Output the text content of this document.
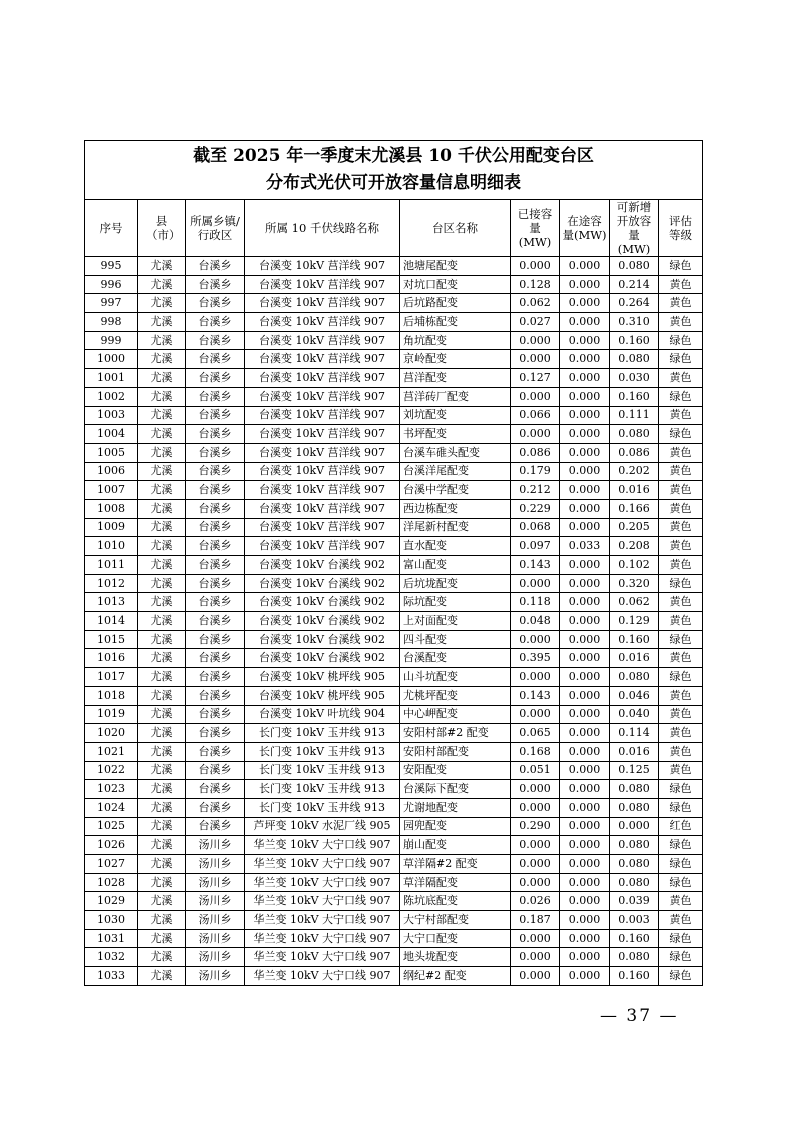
截至 2025 年一季度末尤溪县 10 千伏公用配变台区
分布式光伏可开放容量信息明细表								

序号	县（市）	所属乡镇/行政区	所属 10 千伏线路名称	台区名称	已接容量(MW)	在途容量(MW)	可新增开放容量(MW)	评估等级
995	尤溪	台溪乡	台溪变 10kV 莒洋线 907	池塘尾配变	0.000	0.000	0.080	绿色
996	尤溪	台溪乡	台溪变 10kV 莒洋线 907	对坑口配变	0.128	0.000	0.214	黄色
997	尤溪	台溪乡	台溪变 10kV 莒洋线 907	后坑路配变	0.062	0.000	0.264	黄色
998	尤溪	台溪乡	台溪变 10kV 莒洋线 907	后埔栋配变	0.027	0.000	0.310	黄色
999	尤溪	台溪乡	台溪变 10kV 莒洋线 907	角坑配变	0.000	0.000	0.160	绿色
1000	尤溪	台溪乡	台溪变 10kV 莒洋线 907	京岭配变	0.000	0.000	0.080	绿色
1001	尤溪	台溪乡	台溪变 10kV 莒洋线 907	莒洋配变	0.127	0.000	0.030	黄色
1002	尤溪	台溪乡	台溪变 10kV 莒洋线 907	莒洋砖厂配变	0.000	0.000	0.160	绿色
1003	尤溪	台溪乡	台溪变 10kV 莒洋线 907	刘坑配变	0.066	0.000	0.111	黄色
1004	尤溪	台溪乡	台溪变 10kV 莒洋线 907	书坪配变	0.000	0.000	0.080	绿色
1005	尤溪	台溪乡	台溪变 10kV 莒洋线 907	台溪车碓头配变	0.086	0.000	0.086	黄色
1006	尤溪	台溪乡	台溪变 10kV 莒洋线 907	台溪洋尾配变	0.179	0.000	0.202	黄色
1007	尤溪	台溪乡	台溪变 10kV 莒洋线 907	台溪中学配变	0.212	0.000	0.016	黄色
1008	尤溪	台溪乡	台溪变 10kV 莒洋线 907	西边栋配变	0.229	0.000	0.166	黄色
1009	尤溪	台溪乡	台溪变 10kV 莒洋线 907	洋尾新村配变	0.068	0.000	0.205	黄色
1010	尤溪	台溪乡	台溪变 10kV 莒洋线 907	直水配变	0.097	0.033	0.208	黄色
1011	尤溪	台溪乡	台溪变 10kV 台溪线 902	富山配变	0.143	0.000	0.102	黄色
1012	尤溪	台溪乡	台溪变 10kV 台溪线 902	后坑垅配变	0.000	0.000	0.320	绿色
1013	尤溪	台溪乡	台溪变 10kV 台溪线 902	际坑配变	0.118	0.000	0.062	黄色
1014	尤溪	台溪乡	台溪变 10kV 台溪线 902	上对面配变	0.048	0.000	0.129	黄色
1015	尤溪	台溪乡	台溪变 10kV 台溪线 902	四斗配变	0.000	0.000	0.160	绿色
1016	尤溪	台溪乡	台溪变 10kV 台溪线 902	台溪配变	0.395	0.000	0.016	黄色
1017	尤溪	台溪乡	台溪变 10kV 桃坪线 905	山斗坑配变	0.000	0.000	0.080	绿色
1018	尤溪	台溪乡	台溪变 10kV 桃坪线 905	尤桃坪配变	0.143	0.000	0.046	黄色
1019	尤溪	台溪乡	台溪变 10kV 叶坑线 904	中心岬配变	0.000	0.000	0.040	黄色
1020	尤溪	台溪乡	长门变 10kV 玉井线 913	安阳村部#2 配变	0.065	0.000	0.114	黄色
1021	尤溪	台溪乡	长门变 10kV 玉井线 913	安阳村部配变	0.168	0.000	0.016	黄色
1022	尤溪	台溪乡	长门变 10kV 玉井线 913	安阳配变	0.051	0.000	0.125	黄色
1023	尤溪	台溪乡	长门变 10kV 玉井线 913	台溪际下配变	0.000	0.000	0.080	绿色
1024	尤溪	台溪乡	长门变 10kV 玉井线 913	尤谢地配变	0.000	0.000	0.080	绿色
1025	尤溪	台溪乡	芦坪变 10kV 水泥厂线 905	园兜配变	0.290	0.000	0.000	红色
1026	尤溪	汤川乡	华兰变 10kV 大宁口线 907	崩山配变	0.000	0.000	0.080	绿色
1027	尤溪	汤川乡	华兰变 10kV 大宁口线 907	草洋隔#2 配变	0.000	0.000	0.080	绿色
1028	尤溪	汤川乡	华兰变 10kV 大宁口线 907	草洋隔配变	0.000	0.000	0.080	绿色
1029	尤溪	汤川乡	华兰变 10kV 大宁口线 907	陈坑底配变	0.026	0.000	0.039	黄色
1030	尤溪	汤川乡	华兰变 10kV 大宁口线 907	大宁村部配变	0.187	0.000	0.003	黄色
1031	尤溪	汤川乡	华兰变 10kV 大宁口线 907	大宁口配变	0.000	0.000	0.160	绿色
1032	尤溪	汤川乡	华兰变 10kV 大宁口线 907	地头垅配变	0.000	0.000	0.080	绿色
1033	尤溪	汤川乡	华兰变 10kV 大宁口线 907	纲纪#2 配变	0.000	0.000	0.160	绿色
— 37 —
